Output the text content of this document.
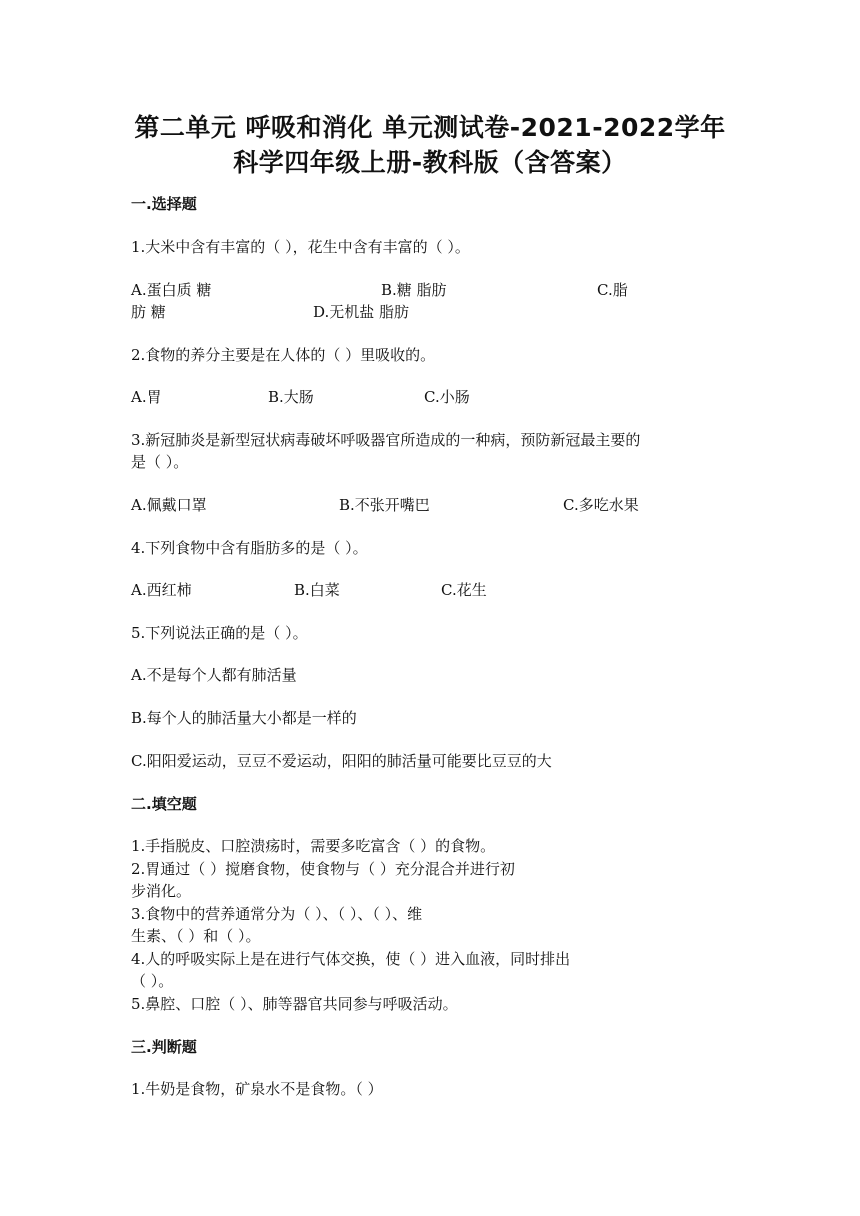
第二单元 呼吸和消化 单元测试卷-2021-2022学年
科学四年级上册-教科版（含答案）
一.选择题
1.大米中含有丰富的（ ），花生中含有丰富的（ ）。
A.蛋白质 糖	B.糖 脂肪	C.脂
肪 糖	D.无机盐 脂肪
2.食物的养分主要是在人体的（ ）里吸收的。
A.胃	B.大肠	C.小肠
3.新冠肺炎是新型冠状病毒破坏呼吸器官所造成的一种病，预防新冠最主要的
是（ ）。
A.佩戴口罩	B.不张开嘴巴	C.多吃水果
4.下列食物中含有脂肪多的是（ ）。
A.西红柿	B.白菜	C.花生
5.下列说法正确的是（ ）。
A.不是每个人都有肺活量
B.每个人的肺活量大小都是一样的
C.阳阳爱运动，豆豆不爱运动，阳阳的肺活量可能要比豆豆的大
二.填空题
1.手指脱皮、口腔溃疡时，需要多吃富含（ ）的食物。
2.胃通过（ ）搅磨食物，使食物与（ ）充分混合并进行初
步消化。
3.食物中的营养通常分为（ ）、（ ）、（ ）、维
生素、（ ）和（ ）。
4.人的呼吸实际上是在进行气体交换，使（ ）进入血液，同时排出
（ ）。
5.鼻腔、口腔（ ）、肺等器官共同参与呼吸活动。
三.判断题
1.牛奶是食物，矿泉水不是食物。（ ）
